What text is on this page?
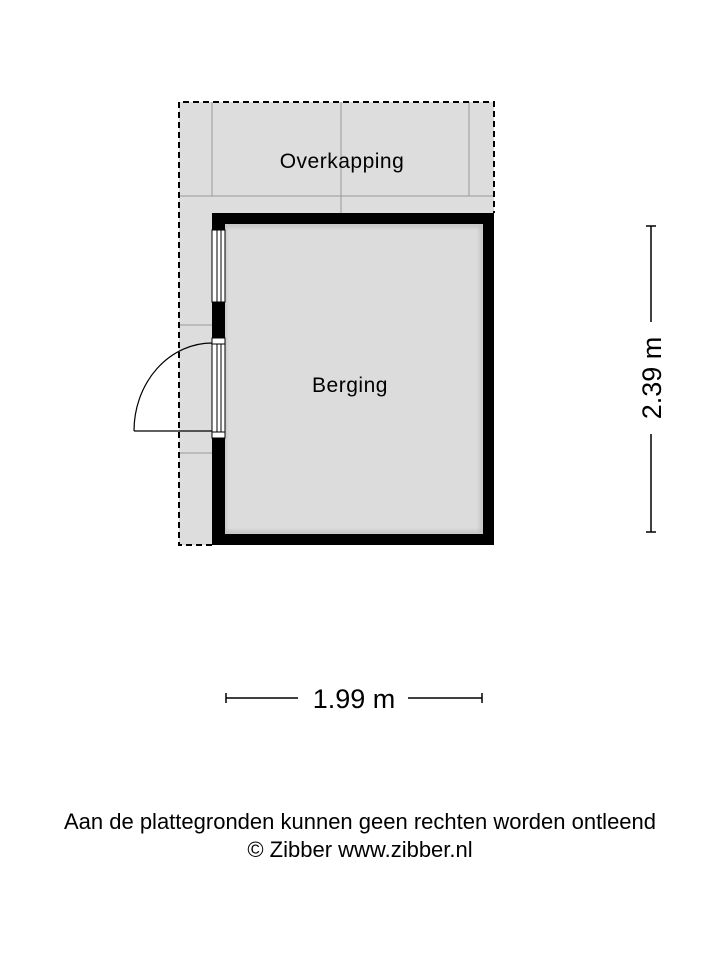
Overkapping
Berging	2.39 m
1.99 m
Aan de plattegronden kunnen geen rechten worden ontleend
© Zibber www.zibber.nl
